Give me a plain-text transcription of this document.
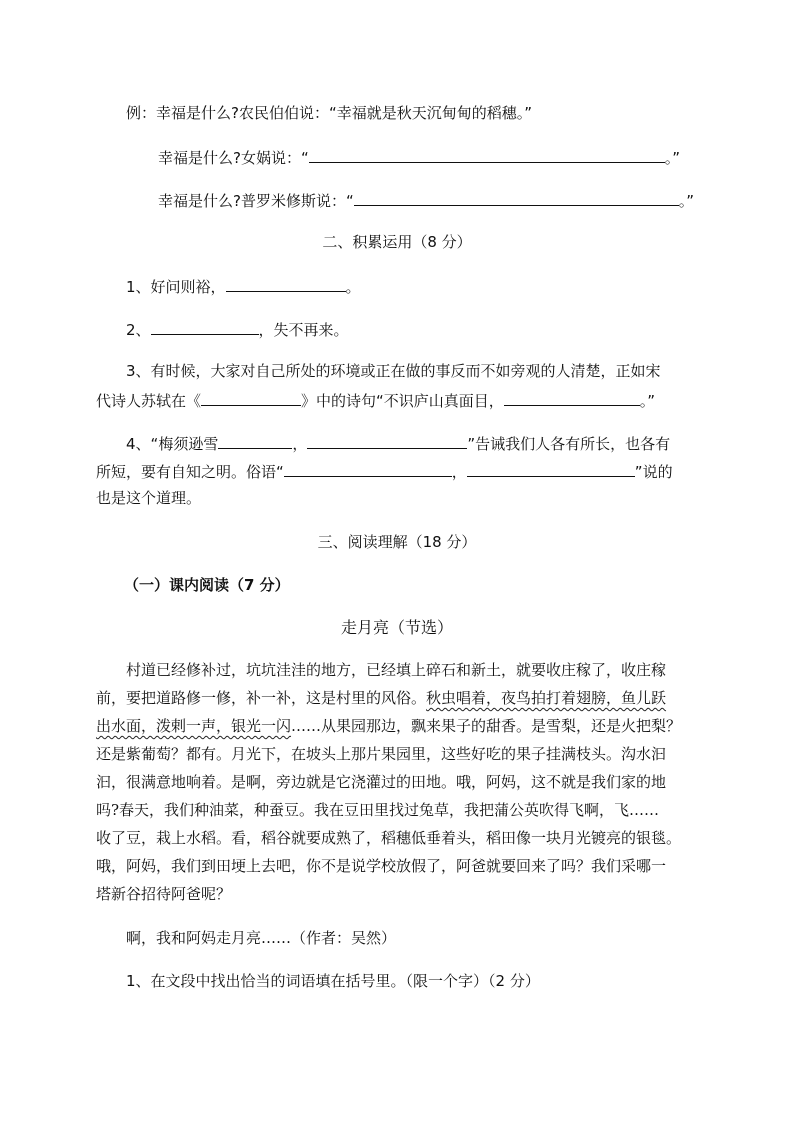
例：幸福是什么?农民伯伯说：“幸福就是秋天沉甸甸的稻穗。”
幸福是什么?女娲说：“	。”
幸福是什么?普罗米修斯说：“	。”
二、积累运用（8 分）
1、好问则裕，	。
2、	，失不再来。
3、有时候，大家对自己所处的环境或正在做的事反而不如旁观的人清楚，正如宋
代诗人苏轼在《	》中的诗句“不识庐山真面目，	。”
4、“梅须逊雪	，	”告诫我们人各有所长，也各有
所短，要有自知之明。俗语“	，	”说的
也是这个道理。
三、阅读理解（18 分）
（一）课内阅读（7 分）
走月亮（节选）
村道已经修补过，坑坑洼洼的地方，已经填上碎石和新土，就要收庄稼了，收庄稼
前，要把道路修一修，补一补，这是村里的风俗。秋虫唱着，夜鸟拍打着翅膀，鱼儿跃
出水面，泼剌一声，银光一闪……从果园那边，飘来果子的甜香。是雪梨，还是火把梨？
还是紫葡萄？都有。月光下，在坡头上那片果园里，这些好吃的果子挂满枝头。沟水汩
汩，很满意地响着。是啊，旁边就是它浇灌过的田地。哦，阿妈，这不就是我们家的地
吗?春天，我们种油菜，种蚕豆。我在豆田里找过兔草，我把蒲公英吹得飞啊，飞……
收了豆，栽上水稻。看，稻谷就要成熟了，稻穗低垂着头，稻田像一块月光镀亮的银毯。
哦，阿妈，我们到田埂上去吧，你不是说学校放假了，阿爸就要回来了吗？我们采哪一
塔新谷招待阿爸呢？
啊，我和阿妈走月亮……（作者：吴然）
1、在文段中找出恰当的词语填在括号里。（限一个字）（2 分）
